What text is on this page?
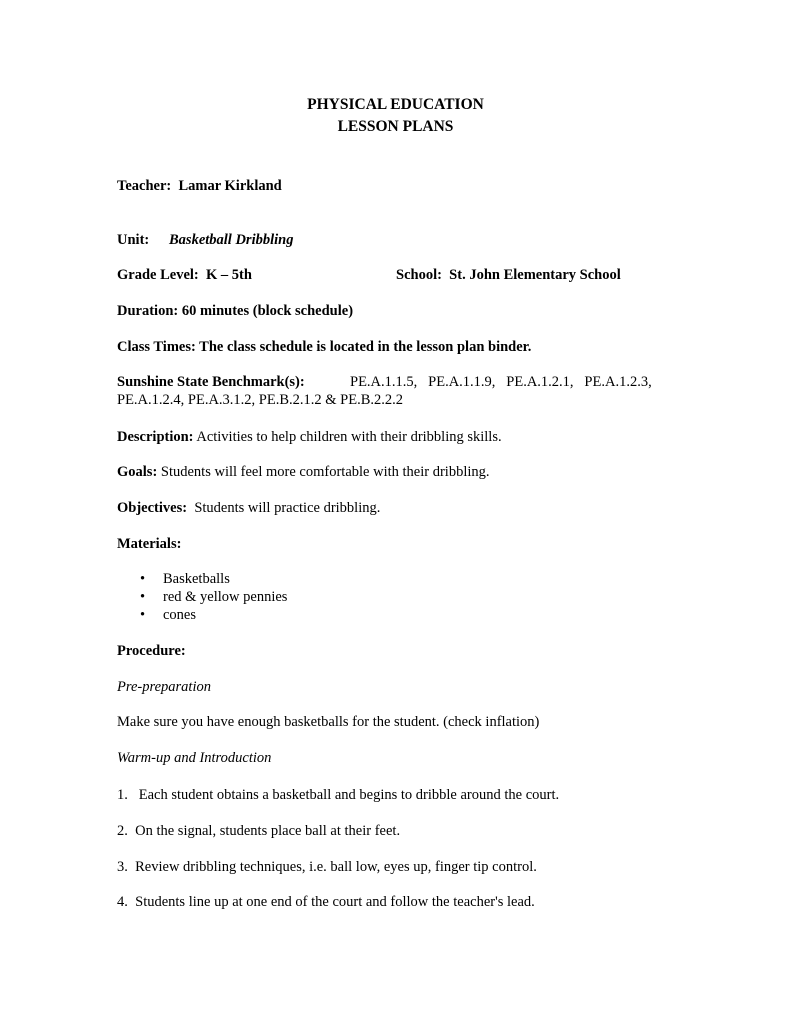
PHYSICAL EDUCATION
LESSON PLANS
Teacher: Lamar Kirkland
Unit: Basketball Dribbling
Grade Level: K – 5th	School: St. John Elementary School
Duration: 60 minutes (block schedule)
Class Times: The class schedule is located in the lesson plan binder.
Sunshine State Benchmark(s):	PE.A.1.1.5,   PE.A.1.1.9,   PE.A.1.2.1,   PE.A.1.2.3,
PE.A.1.2.4, PE.A.3.1.2, PE.B.2.1.2 & PE.B.2.2.2
Description: Activities to help children with their dribbling skills.
Goals: Students will feel more comfortable with their dribbling.
Objectives: Students will practice dribbling.
Materials:
• Basketballs
• red & yellow pennies
• cones
Procedure:
Pre-preparation
Make sure you have enough basketballs for the student. (check inflation)
Warm-up and Introduction
1.   Each student obtains a basketball and begins to dribble around the court.
2.  On the signal, students place ball at their feet.
3.  Review dribbling techniques, i.e. ball low, eyes up, finger tip control.
4.  Students line up at one end of the court and follow the teacher's lead.
